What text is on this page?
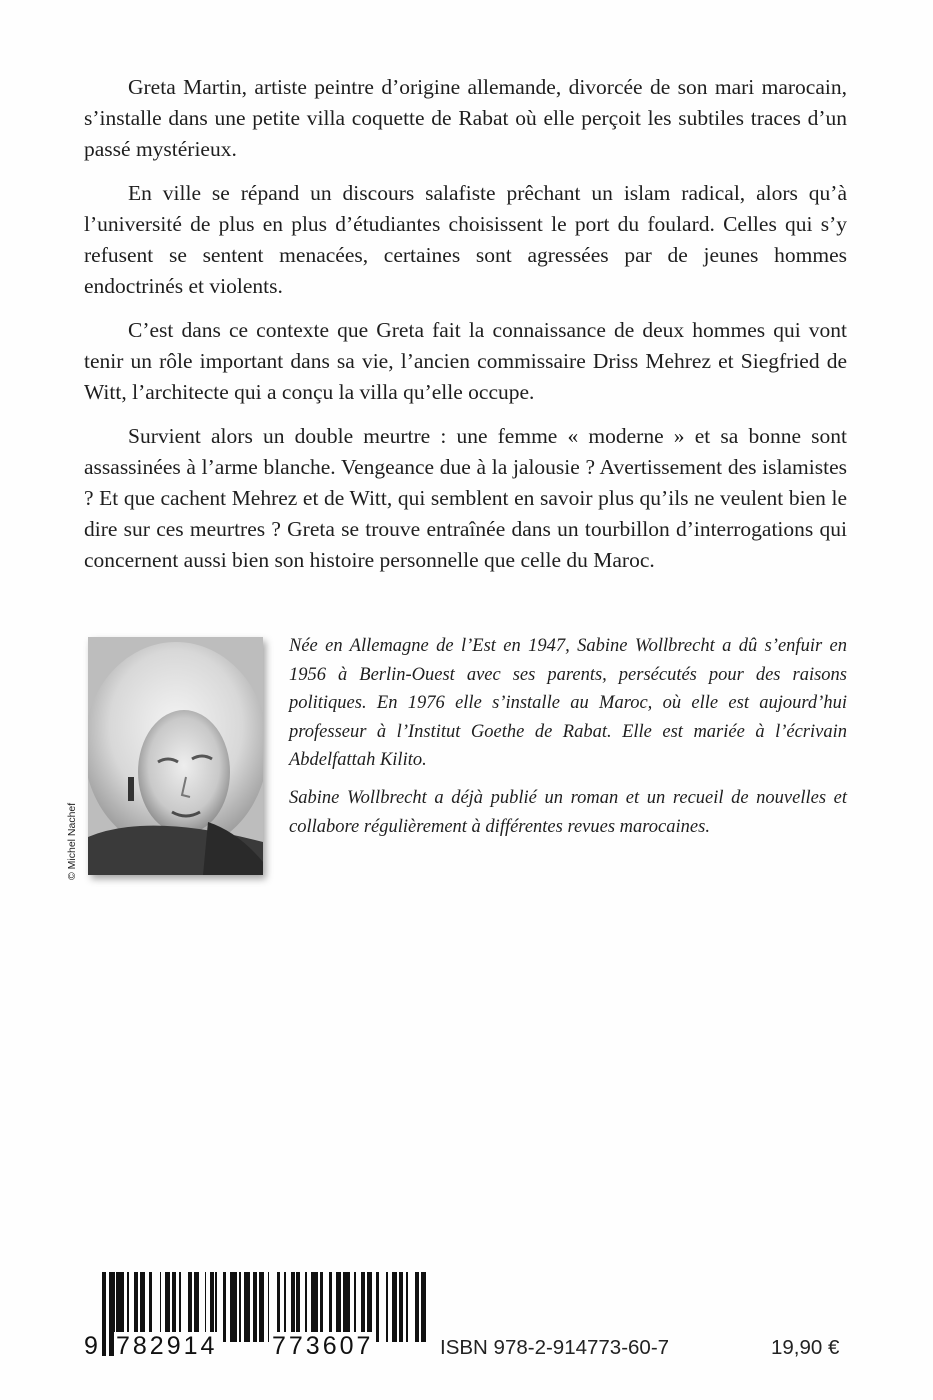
Greta Martin, artiste peintre d’origine allemande, divorcée de son mari marocain, s’installe dans une petite villa coquette de Rabat où elle perçoit les subtiles traces d’un passé mystérieux.

En ville se répand un discours salafiste prêchant un islam radical, alors qu’à l’université de plus en plus d’étudiantes choisissent le port du foulard. Celles qui s’y refusent se sentent menacées, certaines sont agressées par de jeunes hommes endoctrinés et violents.

C’est dans ce contexte que Greta fait la connaissance de deux hommes qui vont tenir un rôle important dans sa vie, l’ancien commissaire Driss Mehrez et Siegfried de Witt, l’architecte qui a conçu la villa qu’elle occupe.

Survient alors un double meurtre : une femme « moderne » et sa bonne sont assassinées à l’arme blanche. Vengeance due à la jalousie ? Avertissement des islamistes ? Et que cachent Mehrez et de Witt, qui semblent en savoir plus qu’ils ne veulent bien le dire sur ces meurtres ? Greta se trouve entraînée dans un tourbillon d’interrogations qui concernent aussi bien son histoire personnelle que celle du Maroc.

© Michel Nachef

Née en Allemagne de l’Est en 1947, Sabine Wollbrecht a dû s’enfuir en 1956 à Berlin-Ouest avec ses parents, persécutés pour des raisons politiques. En 1976 elle s’installe au Maroc, où elle est aujourd’hui professeur à l’Institut Goethe de Rabat. Elle est mariée à l’écrivain Abdelfattah Kilito.

Sabine Wollbrecht a déjà publié un roman et un recueil de nouvelles et collabore régulièrement à différentes revues marocaines.

9 782914 773607	ISBN 978-2-914773-60-7	19,90 €
